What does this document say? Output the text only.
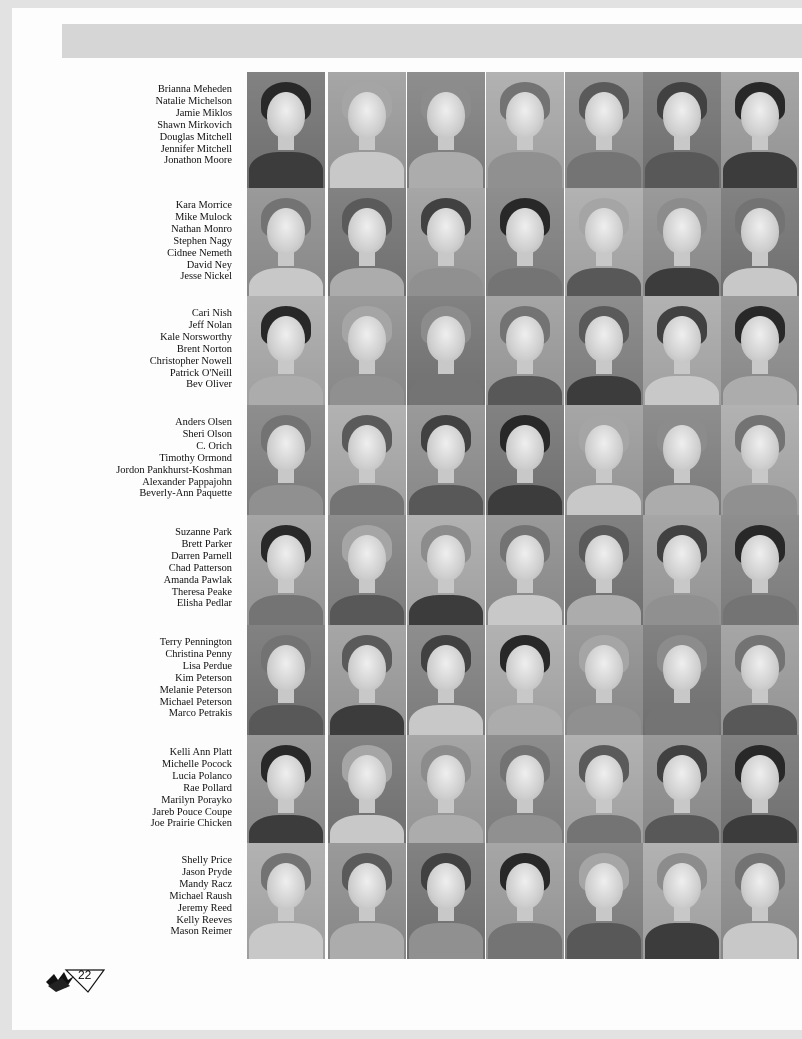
Brianna Meheden
Natalie Michelson
Jamie Miklos
Shawn Mirkovich
Douglas Mitchell
Jennifer Mitchell
Jonathon Moore
Kara Morrice
Mike Mulock
Nathan Monro
Stephen Nagy
Cidnee Nemeth
David Ney
Jesse Nickel
Cari Nish
Jeff Nolan
Kale Norsworthy
Brent Norton
Christopher Nowell
Patrick O'Neill
Bev Oliver
Anders Olsen
Sheri Olson
C. Orich
Timothy Ormond
Jordon Pankhurst-Koshman
Alexander Pappajohn
Beverly-Ann Paquette
Suzanne Park
Brett Parker
Darren Parnell
Chad Patterson
Amanda Pawlak
Theresa Peake
Elisha Pedlar
Terry Pennington
Christina Penny
Lisa Perdue
Kim Peterson
Melanie Peterson
Michael Peterson
Marco Petrakis
Kelli Ann Platt
Michelle Pocock
Lucia Polanco
Rae Pollard
Marilyn Porayko
Jareb Pouce Coupe
Joe Prairie Chicken
Shelly Price
Jason Pryde
Mandy Racz
Michael Raush
Jeremy Reed
Kelly Reeves
Mason Reimer
22
